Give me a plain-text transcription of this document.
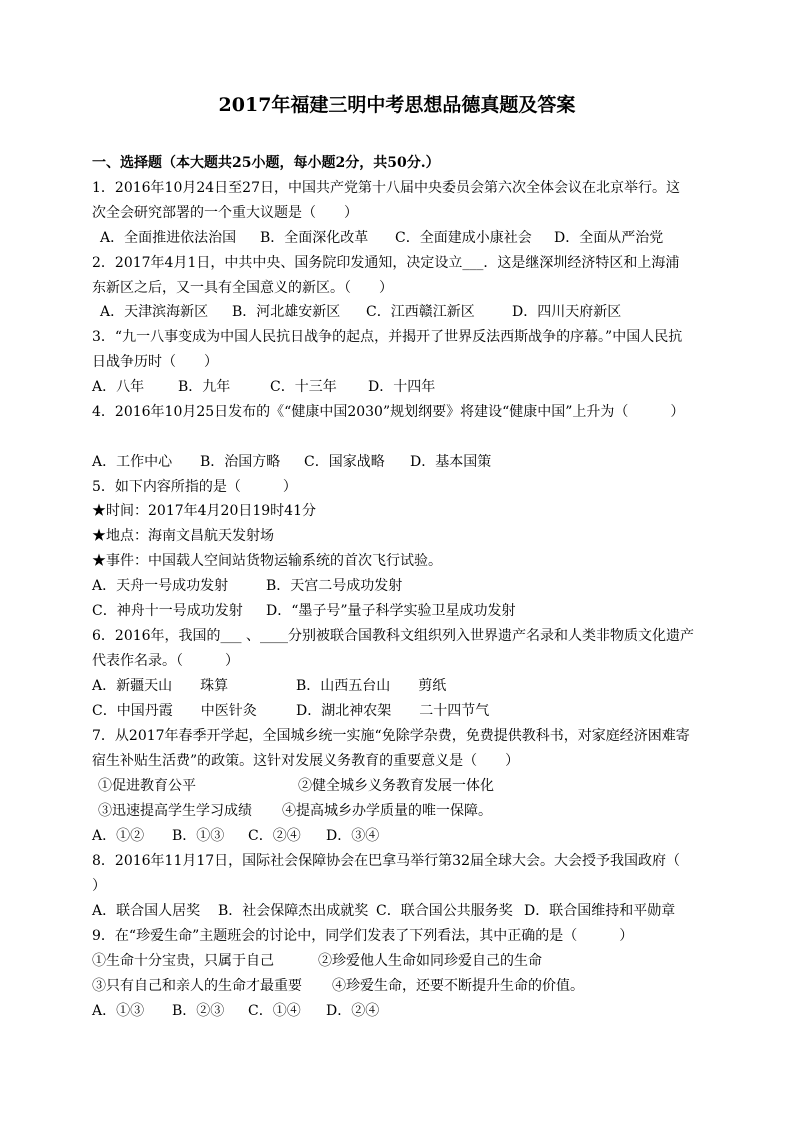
2017年福建三明中考思想品德真题及答案
一、选择题（本大题共25小题，每小题2分，共50分.）
1．2016年10月24日至27日，中国共产党第十八届中央委员会第六次全体会议在北京举行。这
次全会研究部署的一个重大议题是（　　）
A．全面推进依法治国 B．全面深化改革 C．全面建成小康社会 D．全面从严治党
2．2017年4月1日，中共中央、国务院印发通知，决定设立___．这是继深圳经济特区和上海浦
东新区之后，又一具有全国意义的新区。（　　）
A．天津滨海新区 B．河北雄安新区 C．江西赣江新区	D．四川天府新区
3．“九一八事变成为中国人民抗日战争的起点，并揭开了世界反法西斯战争的序幕。”中国人民抗
日战争历时（　　）
A．八年 B．九年	C．十三年 D．十四年
4．2016年10月25日发布的《“健康中国2030”规划纲要》将建设“健康中国”上升为（　　　）
A．工作中心 B．治国方略 C．国家战略 D．基本国策
5．如下内容所指的是（　　　）
★时间：2017年4月20日19时41分
★地点：海南文昌航天发射场
★事件：中国载人空间站货物运输系统的首次飞行试验。
A．天舟一号成功发射	B．天宫二号成功发射
C．神舟十一号成功发射 D．“墨子号”量子科学实验卫星成功发射
6．2016年，我国的___ 、____分别被联合国教科文组织列入世界遗产名录和人类非物质文化遗产
代表作名录。（　　　）
A．新疆天山　　珠算	B．山西五台山　　剪纸
C．中国丹霞　　中医针灸	D．湖北神农架　　二十四节气
7．从2017年春季开学起，全国城乡统一实施“免除学杂费，免费提供教科书，对家庭经济困难寄
宿生补贴生活费”的政策。这针对发展义务教育的重要意义是（　　）
①促进教育公平	②健全城乡义务教育发展一体化
③迅速提高学生学习成绩 ④提高城乡办学质量的唯一保障。
A．①② B．①③ C．②④ D．③④
8．2016年11月17日，国际社会保障协会在巴拿马举行第32届全球大会。大会授予我国政府（
）
A．联合国人居奖 B．社会保障杰出成就奖 C．联合国公共服务奖 D．联合国维持和平勋章
9．在“珍爱生命”主题班会的讨论中，同学们发表了下列看法，其中正确的是（　　　）
①生命十分宝贵，只属于自己	②珍爱他人生命如同珍爱自己的生命
③只有自己和亲人的生命才最重要 ④珍爱生命，还要不断提升生命的价值。
A．①③ B．②③ C．①④ D．②④
